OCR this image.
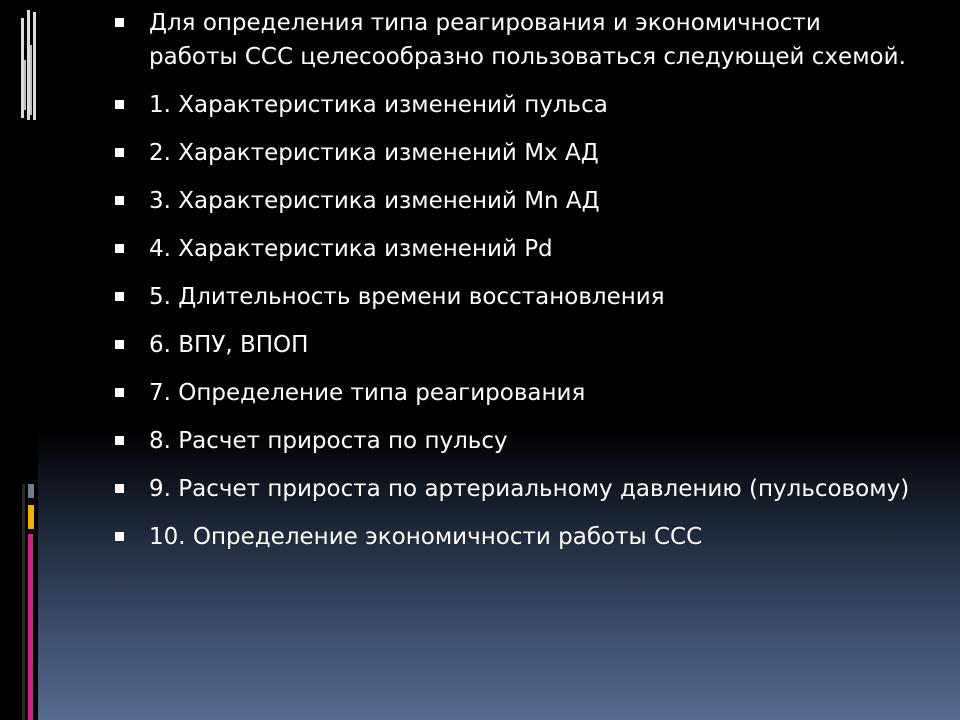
Для определения типа реагирования и экономичности работы ССС целесообразно пользоваться следующей схемой.
1. Характеристика изменений пульса
2. Характеристика изменений Мх АД
3. Характеристика изменений Мn АД
4. Характеристика изменений Pd
5. Длительность времени восстановления
6. ВПУ, ВПОП
7. Определение типа реагирования
8. Расчет прироста по пульсу
9. Расчет прироста по артериальному давлению (пульсовому)
10. Определение экономичности работы ССС
